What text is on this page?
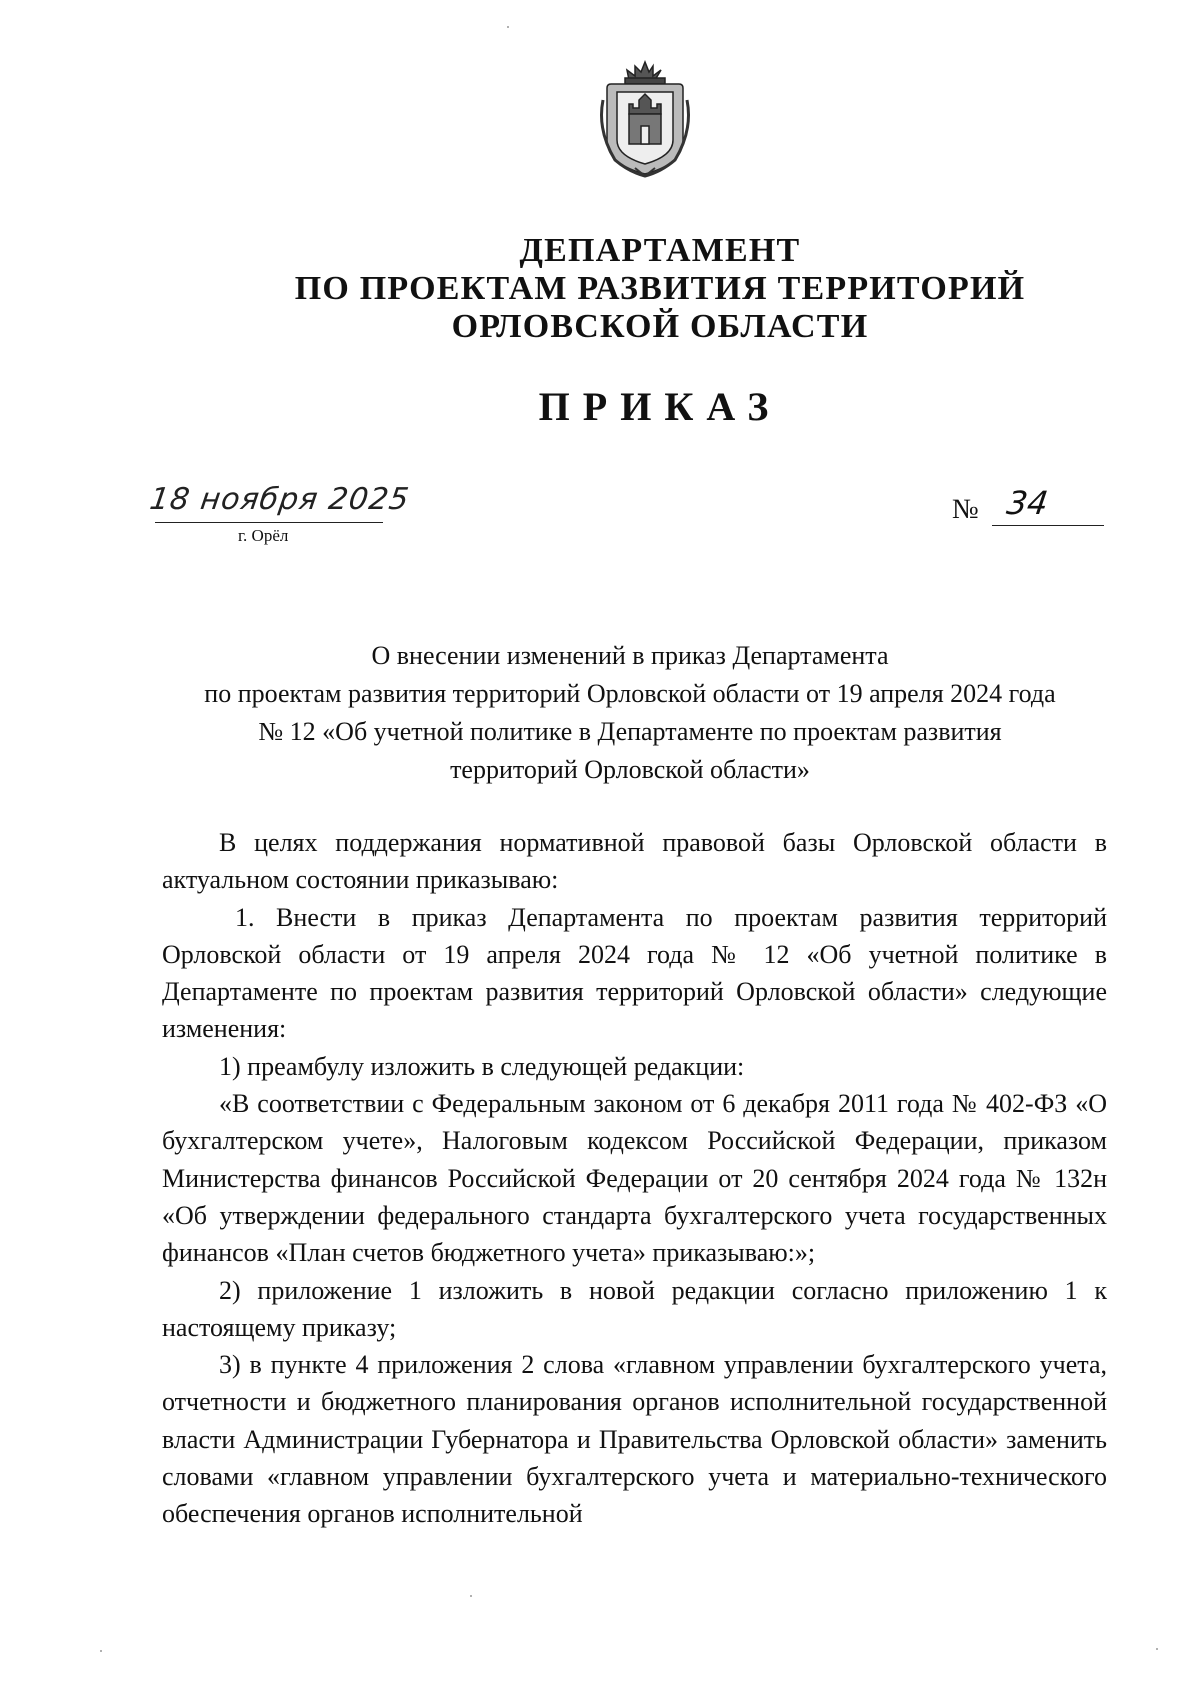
ДЕПАРТАМЕНТ
ПО ПРОЕКТАМ РАЗВИТИЯ ТЕРРИТОРИЙ
ОРЛОВСКОЙ ОБЛАСТИ
ПРИКАЗ
18 ноября 2025
г. Орёл
№ 34
О внесении изменений в приказ Департамента
по проектам развития территорий Орловской области от 19 апреля 2024 года
№ 12 «Об учетной политике в Департаменте по проектам развития
территорий Орловской области»

В целях поддержания нормативной правовой базы Орловской области в актуальном состоянии приказываю:

1. Внести в приказ Департамента по проектам развития территорий Орловской области от 19 апреля 2024 года № 12 «Об учетной политике в Департаменте по проектам развития территорий Орловской области» следующие изменения:

1) преамбулу изложить в следующей редакции:

«В соответствии с Федеральным законом от 6 декабря 2011 года № 402-ФЗ «О бухгалтерском учете», Налоговым кодексом Российской Федерации, приказом Министерства финансов Российской Федерации от 20 сентября 2024 года № 132н «Об утверждении федерального стандарта бухгалтерского учета государственных финансов «План счетов бюджетного учета» приказываю:»;

2) приложение 1 изложить в новой редакции согласно приложению 1 к настоящему приказу;

3) в пункте 4 приложения 2 слова «главном управлении бухгалтерского учета, отчетности и бюджетного планирования органов исполнительной государственной власти Администрации Губернатора и Правительства Орловской области» заменить словами «главном управлении бухгалтерского учета и материально-технического обеспечения органов исполнительной
